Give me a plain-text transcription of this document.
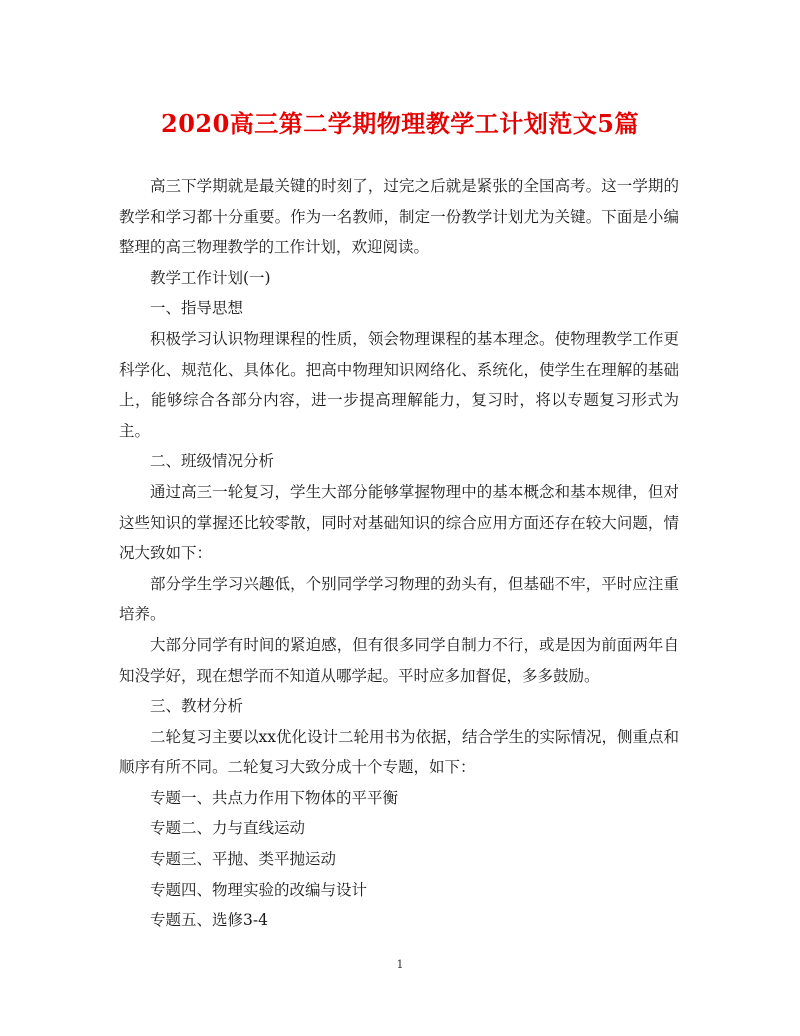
2020高三第二学期物理教学工计划范文5篇

高三下学期就是最关键的时刻了，过完之后就是紧张的全国高考。这一学期的教学和学习都十分重要。作为一名教师，制定一份教学计划尤为关键。下面是小编整理的高三物理教学的工作计划，欢迎阅读。

教学工作计划(一)

一、指导思想

积极学习认识物理课程的性质，领会物理课程的基本理念。使物理教学工作更科学化、规范化、具体化。把高中物理知识网络化、系统化，使学生在理解的基础上，能够综合各部分内容，进一步提高理解能力，复习时，将以专题复习形式为主。

二、班级情况分析

通过高三一轮复习，学生大部分能够掌握物理中的基本概念和基本规律，但对这些知识的掌握还比较零散，同时对基础知识的综合应用方面还存在较大问题，情况大致如下：

部分学生学习兴趣低，个别同学学习物理的劲头有，但基础不牢，平时应注重培养。

大部分同学有时间的紧迫感，但有很多同学自制力不行，或是因为前面两年自知没学好，现在想学而不知道从哪学起。平时应多加督促，多多鼓励。

三、教材分析

二轮复习主要以xx优化设计二轮用书为依据，结合学生的实际情况，侧重点和顺序有所不同。二轮复习大致分成十个专题，如下：

专题一、共点力作用下物体的平平衡

专题二、力与直线运动

专题三、平抛、类平抛运动

专题四、物理实验的改编与设计

专题五、选修3-4

1
